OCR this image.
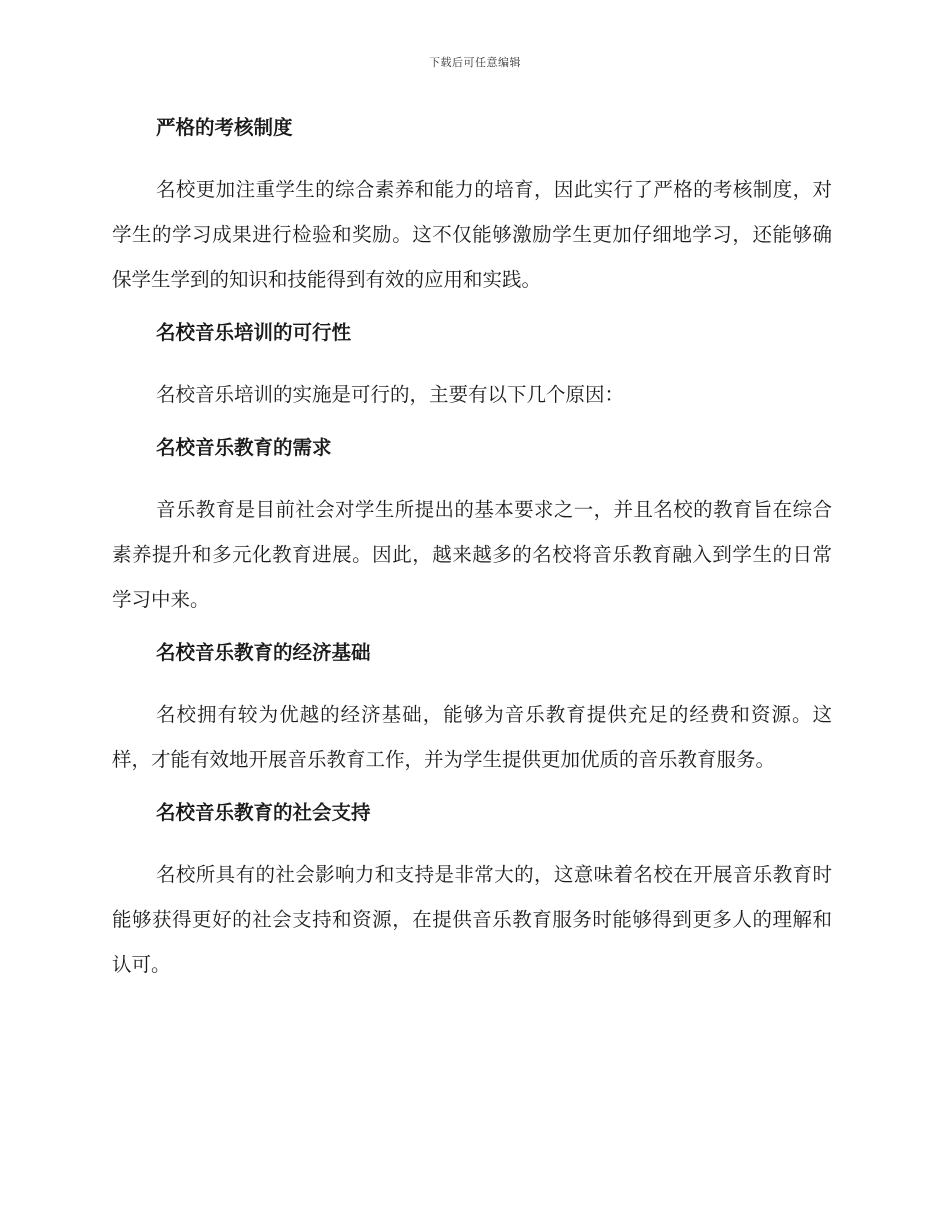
下载后可任意编辑
严格的考核制度
名校更加注重学生的综合素养和能力的培育，因此实行了严格的考核制度，对学生的学习成果进行检验和奖励。这不仅能够激励学生更加仔细地学习，还能够确保学生学到的知识和技能得到有效的应用和实践。
名校音乐培训的可行性
名校音乐培训的实施是可行的，主要有以下几个原因：
名校音乐教育的需求
音乐教育是目前社会对学生所提出的基本要求之一，并且名校的教育旨在综合素养提升和多元化教育进展。因此，越来越多的名校将音乐教育融入到学生的日常学习中来。
名校音乐教育的经济基础
名校拥有较为优越的经济基础，能够为音乐教育提供充足的经费和资源。这样，才能有效地开展音乐教育工作，并为学生提供更加优质的音乐教育服务。
名校音乐教育的社会支持
名校所具有的社会影响力和支持是非常大的，这意味着名校在开展音乐教育时能够获得更好的社会支持和资源，在提供音乐教育服务时能够得到更多人的理解和认可。
